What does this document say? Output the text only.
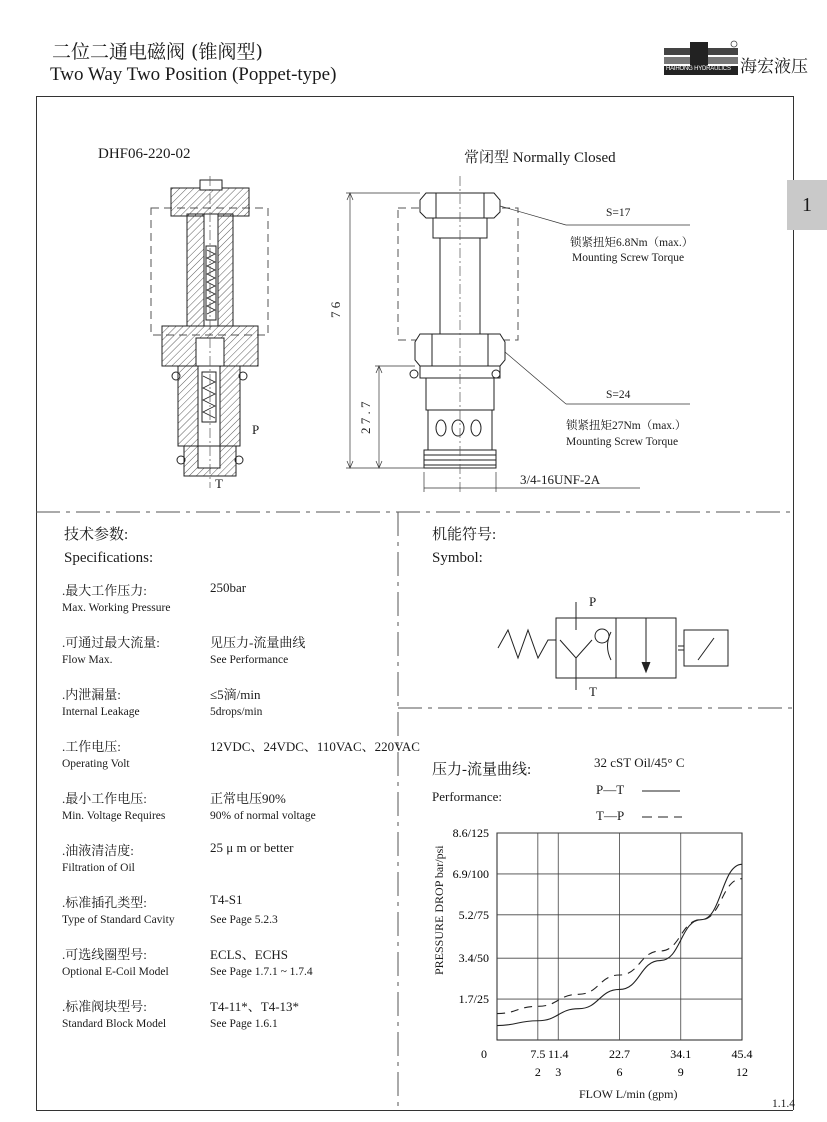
二位二通电磁阀 (锥阀型)
Two Way Two Position (Poppet-type)	HAIHONG HYDRAULICS 海宏液压
1
DHF06-220-02	常闭型 Normally Closed
P
T
7 6
2 7 . 7
S=17
锁紧扭矩6.8Nm（max.）
Mounting Screw Torque
S=24
锁紧扭矩27Nm（max.）
Mounting Screw Torque
3/4-16UNF-2A
技术参数:
Specifications:
.最大工作压力:
Max. Working Pressure
250bar
.可通过最大流量:
Flow Max.
见压力-流量曲线
See Performance
.内泄漏量:
Internal Leakage
≤5滴/min
5drops/min
.工作电压:
Operating Volt
12VDC、24VDC、110VAC、220VAC
.最小工作电压:
Min. Voltage Requires
正常电压90%
90% of normal voltage
.油液清洁度:
Filtration of Oil
25 μ m or better
.标准插孔类型:
Type of Standard Cavity
T4-S1
See Page 5.2.3
.可选线圈型号:
Optional E-Coil Model
ECLS、ECHS
See Page 1.7.1 ~ 1.7.4
.标准阀块型号:
Standard Block Model
T4-11*、T4-13*
See Page 1.6.1
机能符号:
Symbol:
P
T
压力-流量曲线:
Performance:
32 cST Oil/45° C
P—T
T—P
1.7/25
3.4/50
5.2/75
6.9/100
8.6/125
0	7.5
2
11.4
3
22.7
6
34.1
9
45.4
12
PRESSURE DROP bar/psi
FLOW L/min (gpm)
1.1.4
